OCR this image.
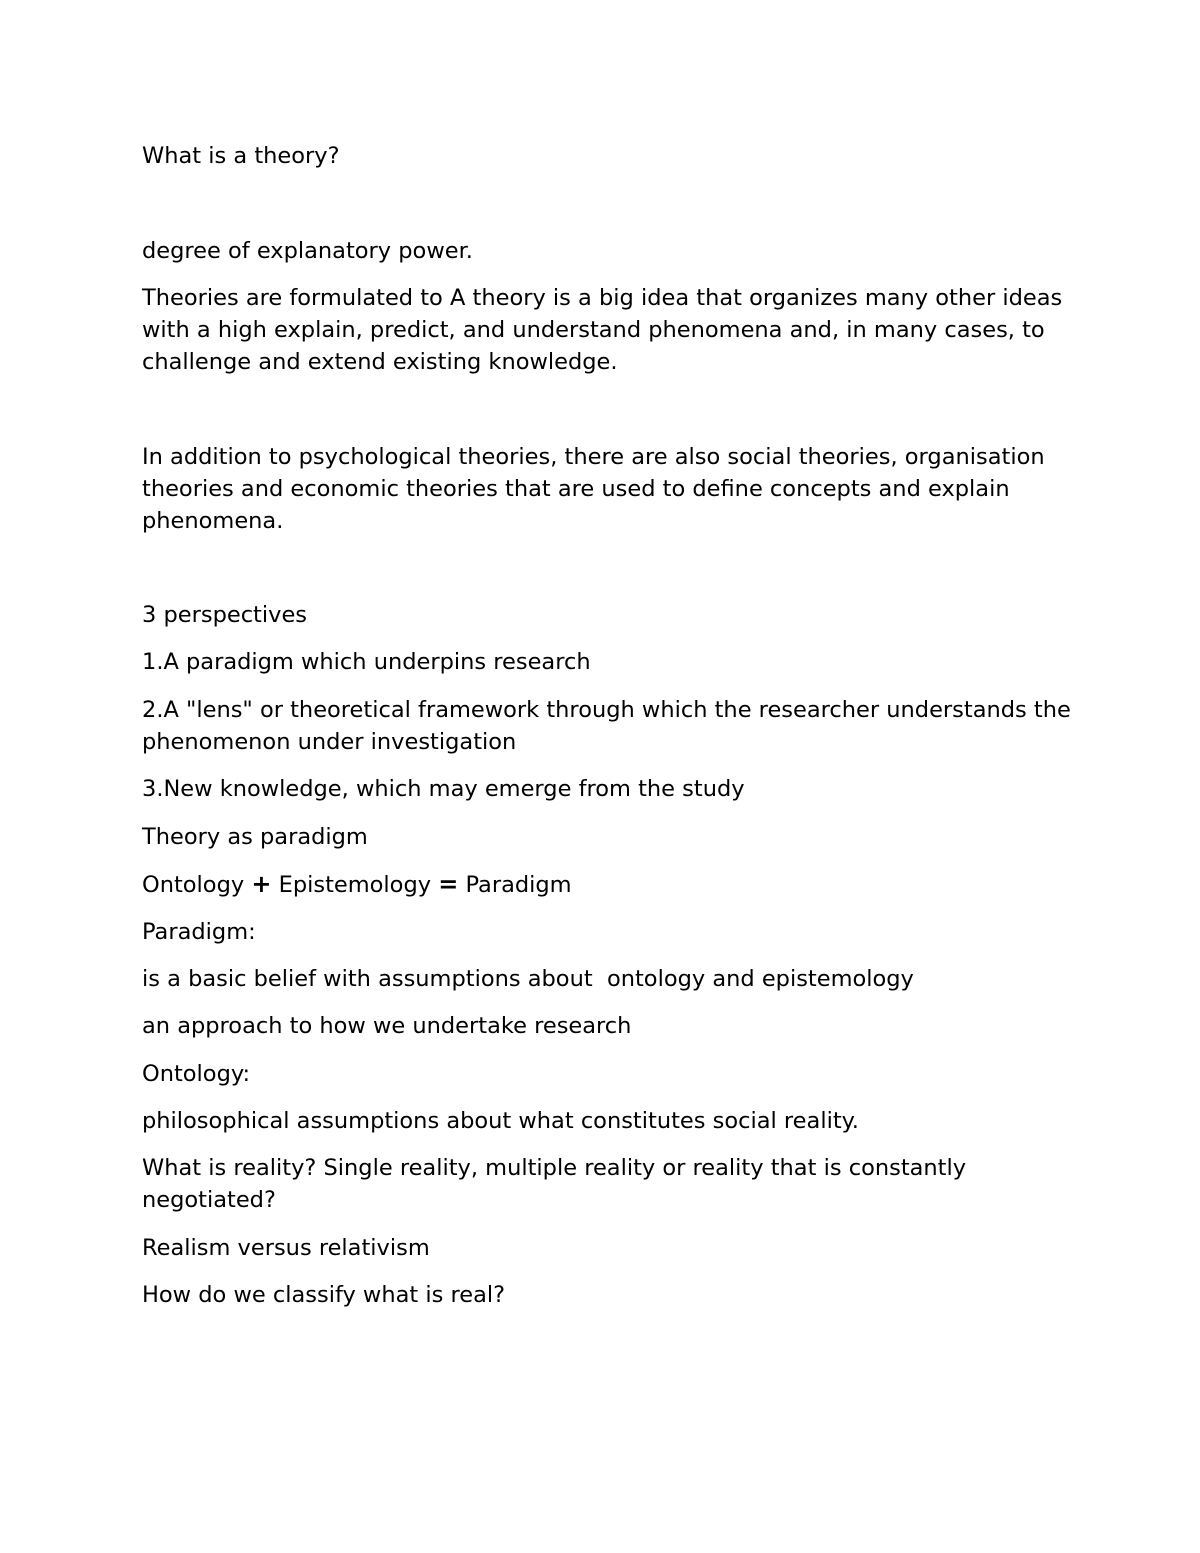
What is a theory?

degree of explanatory power.

Theories are formulated to A theory is a big idea that organizes many other ideas with a high explain, predict, and understand phenomena and, in many cases, to challenge and extend existing knowledge.

In addition to psychological theories, there are also social theories, organisation theories and economic theories that are used to define concepts and explain phenomena.

3 perspectives

1.A paradigm which underpins research

2.A "lens" or theoretical framework through which the researcher understands the phenomenon under investigation

3.New knowledge, which may emerge from the study

Theory as paradigm

Ontology + Epistemology = Paradigm

Paradigm:

is a basic belief with assumptions about  ontology and epistemology

an approach to how we undertake research

Ontology:

philosophical assumptions about what constitutes social reality.

What is reality? Single reality, multiple reality or reality that is constantly negotiated?

Realism versus relativism

How do we classify what is real?
